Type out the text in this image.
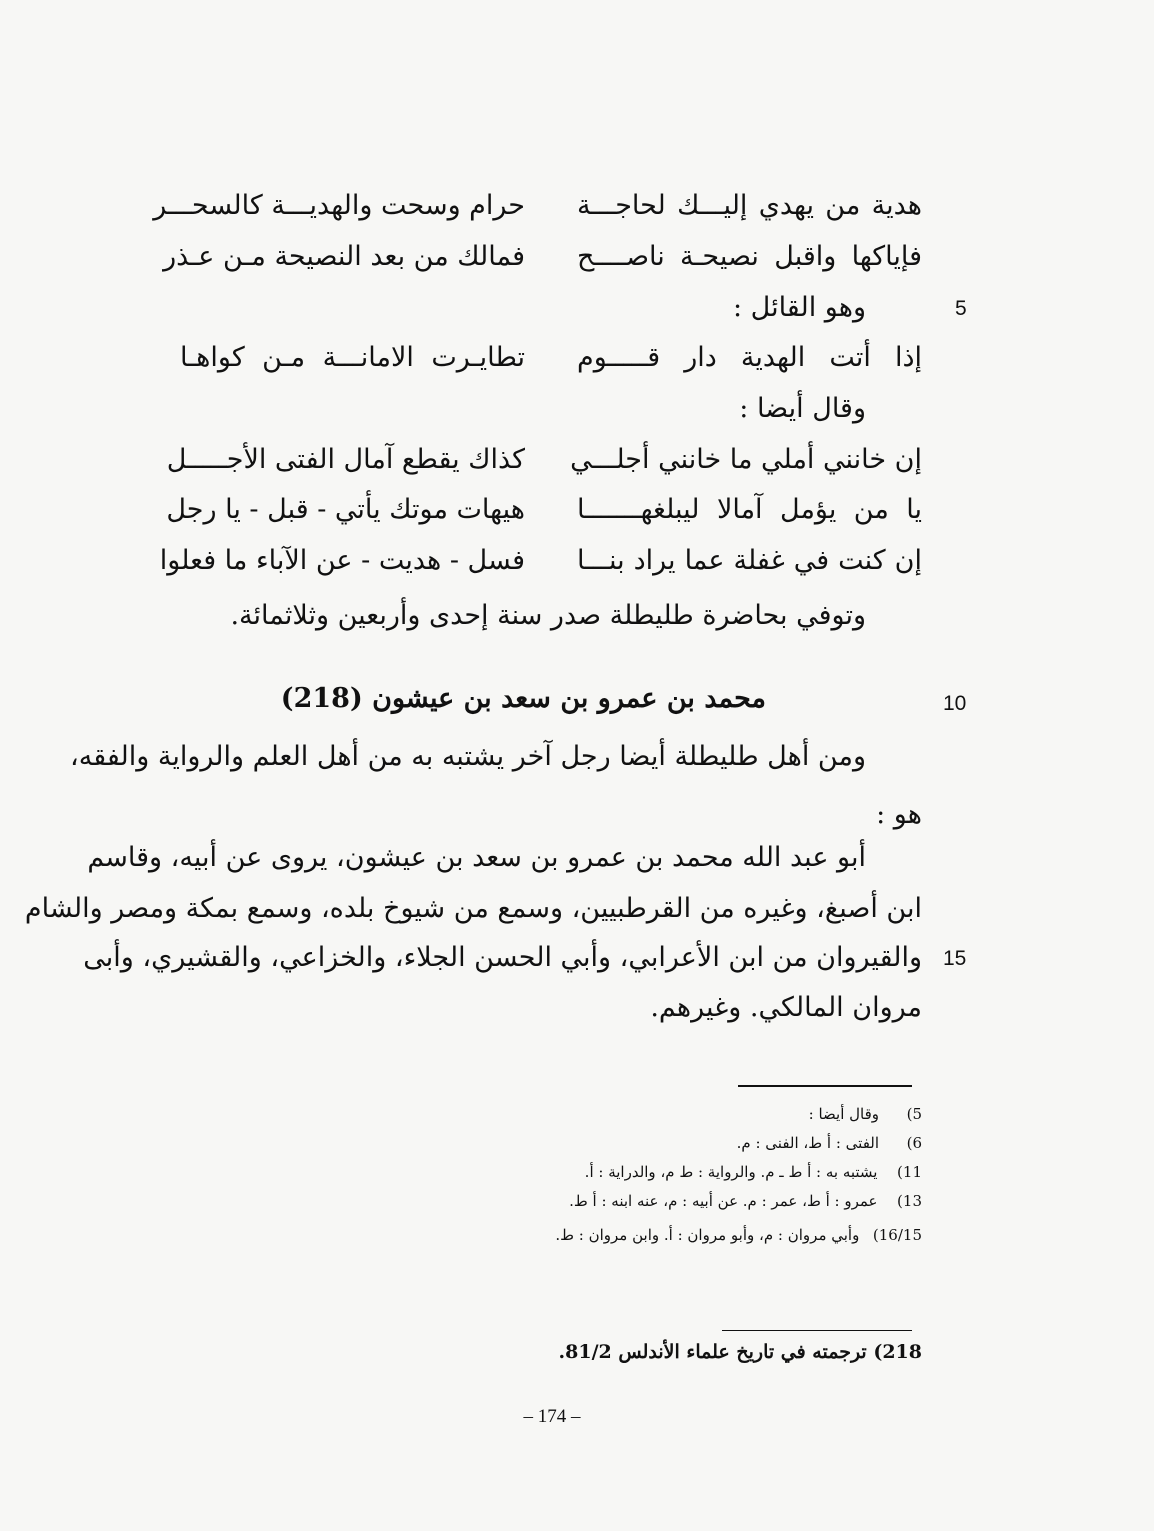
هدية من يهدي إليـــك لحاجـــة
حرام وسحت والهديـــة كالسحـــر
فإياكها واقبل نصيحـة ناصــــح
فمالك من بعد النصيحة مـن عـذر
5
وهو القائل :
إذا أتت الهدية دار قـــــوم
تطايـرت الامانـــة مـن كواهـا
وقال أيضا :
إن خانني أملي ما خانني أجلـــي
كذاك يقطع آمال الفتى الأجـــــل
يا من يؤمل آمالا ليبلغهـــــــا
هيهات موتك يأتي - قبل - يا رجل
إن كنت في غفلة عما يراد بنـــا
فسل - هديت - عن الآباء ما فعلوا
وتوفي بحاضرة طليطلة صدر سنة إحدى وأربعين وثلاثمائة.
10
محمد بن عمرو بن سعد بن عيشون (218)
ومن أهل طليطلة أيضا رجل آخر يشتبه به من أهل العلم والرواية والفقه،
هو :
أبو عبد الله محمد بن عمرو بن سعد بن عيشون، يروى عن أبيه، وقاسم
ابن أصبغ، وغيره من القرطبيين، وسمع من شيوخ بلده، وسمع بمكة ومصر والشام
15
والقيروان من ابن الأعرابي، وأبي الحسن الجلاء، والخزاعي، والقشيري، وأبى
مروان المالكي. وغيرهم.
5)  وقال أيضا :
6)  الفتى : أ ط، الفنى : م.
11)  يشتبه به : أ ط ـ م. والرواية : ط م، والدراية : أ.
13)  عمرو : أ ط، عمر : م. عن أبيه : م، عنه ابنه : أ ط.
16/15)  وأبي مروان : م، وأبو مروان : أ. وابن مروان : ط.
218) ترجمته في تاريخ علماء الأندلس 81/2.
– 174 –
